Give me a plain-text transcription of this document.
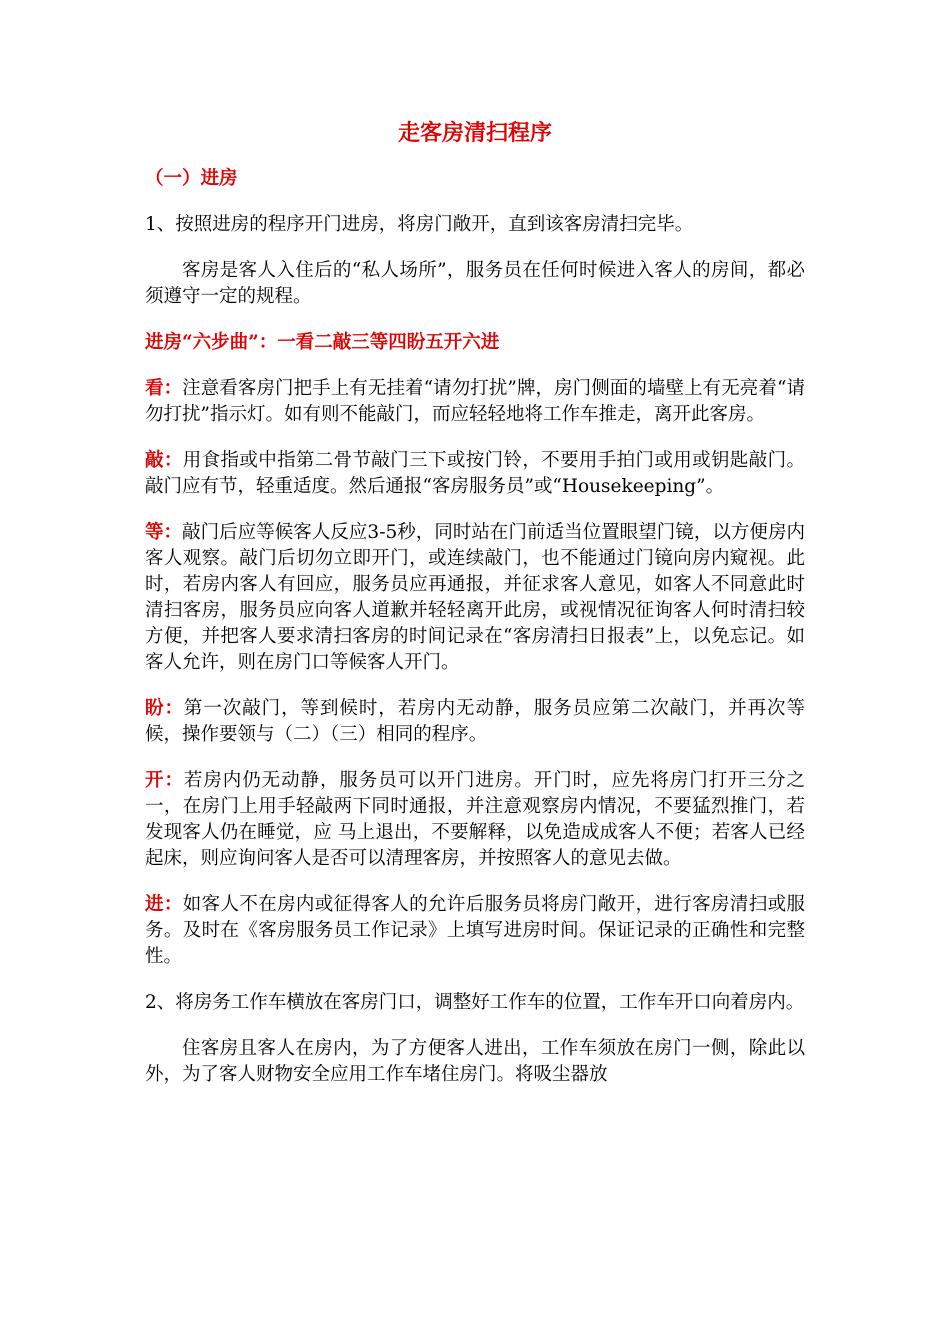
走客房清扫程序
（一）进房

1、按照进房的程序开门进房，将房门敞开，直到该客房清扫完毕。

客房是客人入住后的“私人场所”，服务员在任何时候进入客人的房间，都必须遵守一定的规程。

进房“六步曲”：一看二敲三等四盼五开六进

看：注意看客房门把手上有无挂着“请勿打扰”牌，房门侧面的墙壁上有无亮着“请勿打扰”指示灯。如有则不能敲门，而应轻轻地将工作车推走，离开此客房。

敲：用食指或中指第二骨节敲门三下或按门铃，不要用手拍门或用或钥匙敲门。敲门应有节，轻重适度。然后通报“客房服务员”或“Housekeeping”。

等：敲门后应等候客人反应3-5秒，同时站在门前适当位置眼望门镜，以方便房内客人观察。敲门后切勿立即开门，或连续敲门，也不能通过门镜向房内窥视。此时，若房内客人有回应，服务员应再通报，并征求客人意见，如客人不同意此时清扫客房，服务员应向客人道歉并轻轻离开此房，或视情况征询客人何时清扫较方便，并把客人要求清扫客房的时间记录在“客房清扫日报表”上，以免忘记。如客人允许，则在房门口等候客人开门。

盼：第一次敲门，等到候时，若房内无动静，服务员应第二次敲门，并再次等候，操作要领与（二）（三）相同的程序。

开：若房内仍无动静，服务员可以开门进房。开门时，应先将房门打开三分之一，在房门上用手轻敲两下同时通报，并注意观察房内情况，不要猛烈推门，若发现客人仍在睡觉，应 马上退出，不要解释，以免造成成客人不便；若客人已经起床，则应询问客人是否可以清理客房，并按照客人的意见去做。

进：如客人不在房内或征得客人的允许后服务员将房门敞开，进行客房清扫或服务。及时在《客房服务员工作记录》上填写进房时间。保证记录的正确性和完整性。

2、将房务工作车横放在客房门口，调整好工作车的位置，工作车开口向着房内。

住客房且客人在房内，为了方便客人进出，工作车须放在房门一侧，除此以外，为了客人财物安全应用工作车堵住房门。将吸尘器放
